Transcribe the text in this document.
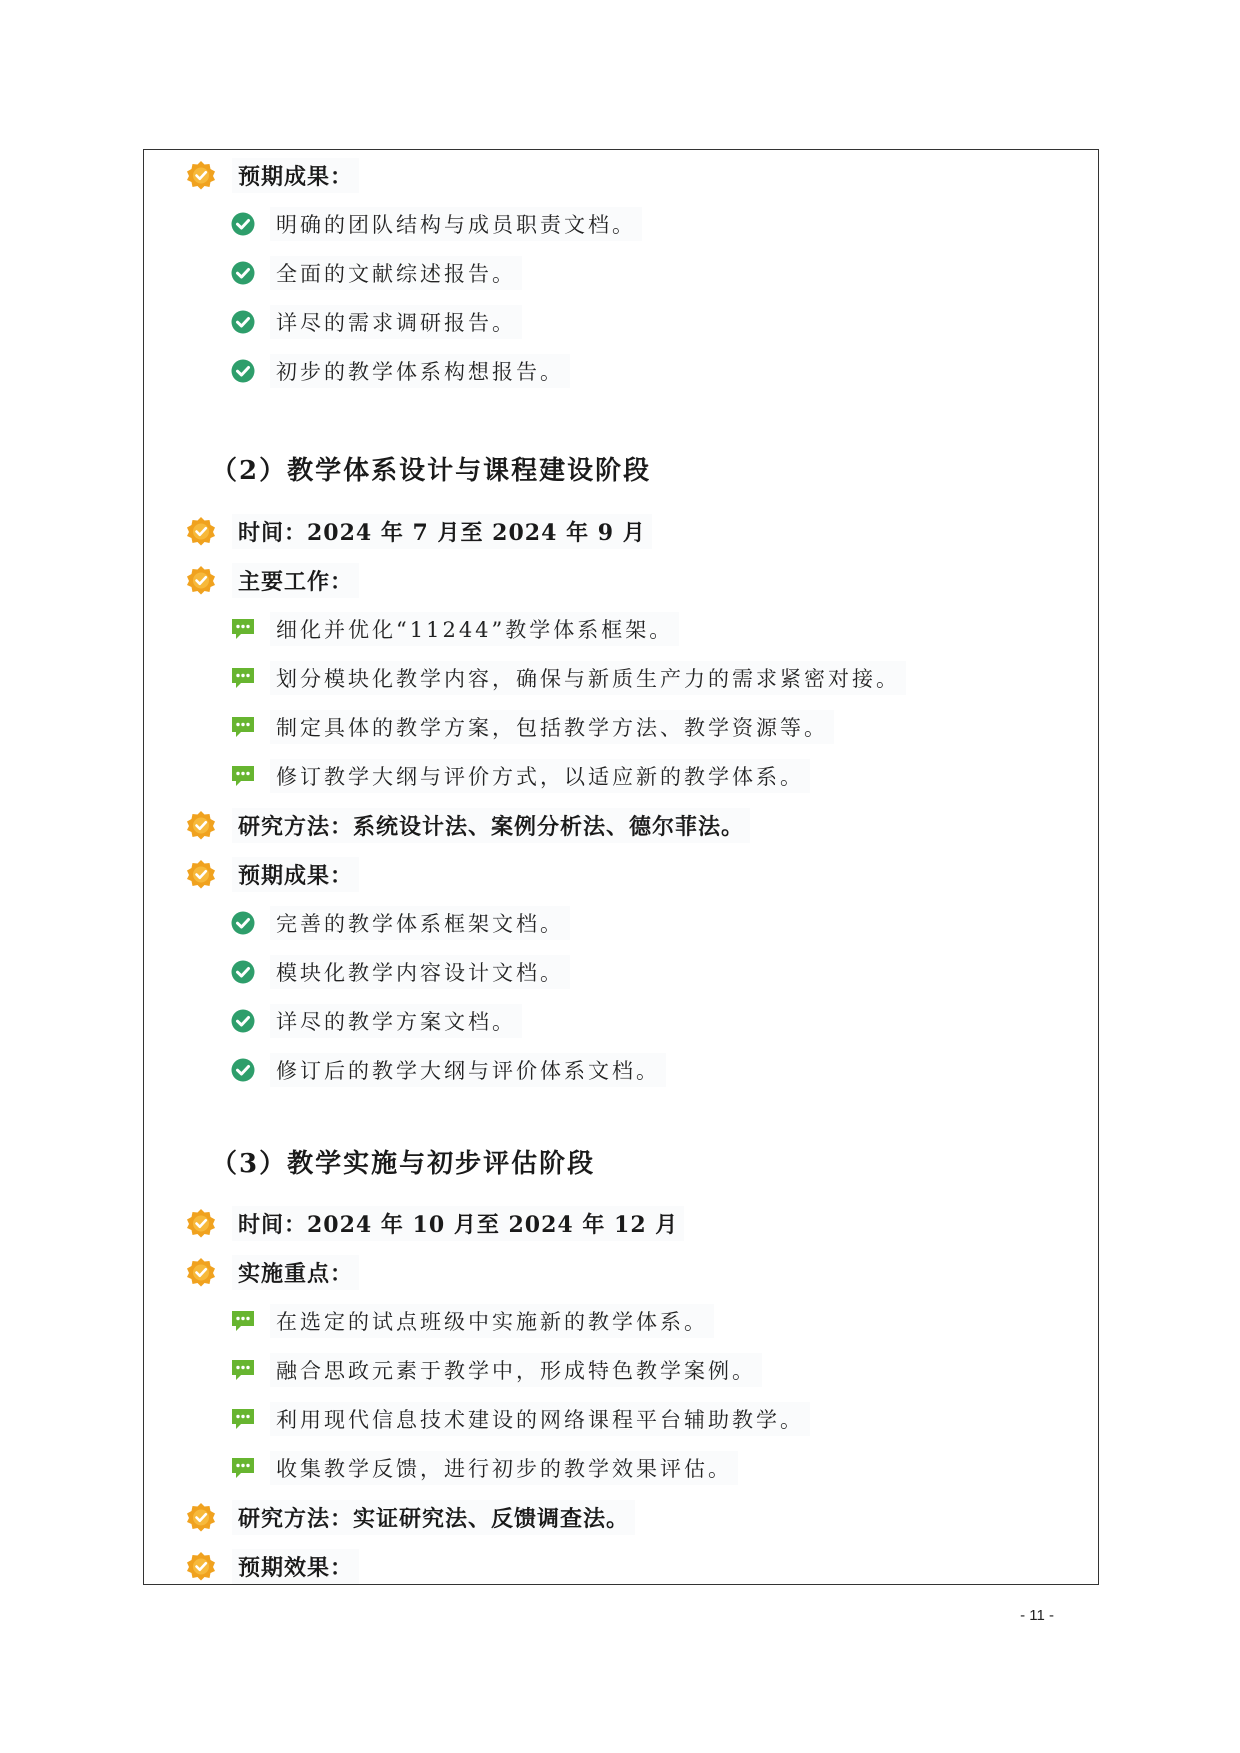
预期成果：
明确的团队结构与成员职责文档。
全面的文献综述报告。
详尽的需求调研报告。
初步的教学体系构想报告。
（2）教学体系设计与课程建设阶段
时间：2024 年 7 月至 2024 年 9 月
主要工作：
细化并优化“11244”教学体系框架。
划分模块化教学内容，确保与新质生产力的需求紧密对接。
制定具体的教学方案，包括教学方法、教学资源等。
修订教学大纲与评价方式，以适应新的教学体系。
研究方法：系统设计法、案例分析法、德尔菲法。
预期成果：
完善的教学体系框架文档。
模块化教学内容设计文档。
详尽的教学方案文档。
修订后的教学大纲与评价体系文档。
（3）教学实施与初步评估阶段
时间：2024 年 10 月至 2024 年 12 月
实施重点：
在选定的试点班级中实施新的教学体系。
融合思政元素于教学中，形成特色教学案例。
利用现代信息技术建设的网络课程平台辅助教学。
收集教学反馈，进行初步的教学效果评估。
研究方法：实证研究法、反馈调查法。
预期效果：
- 11 -
